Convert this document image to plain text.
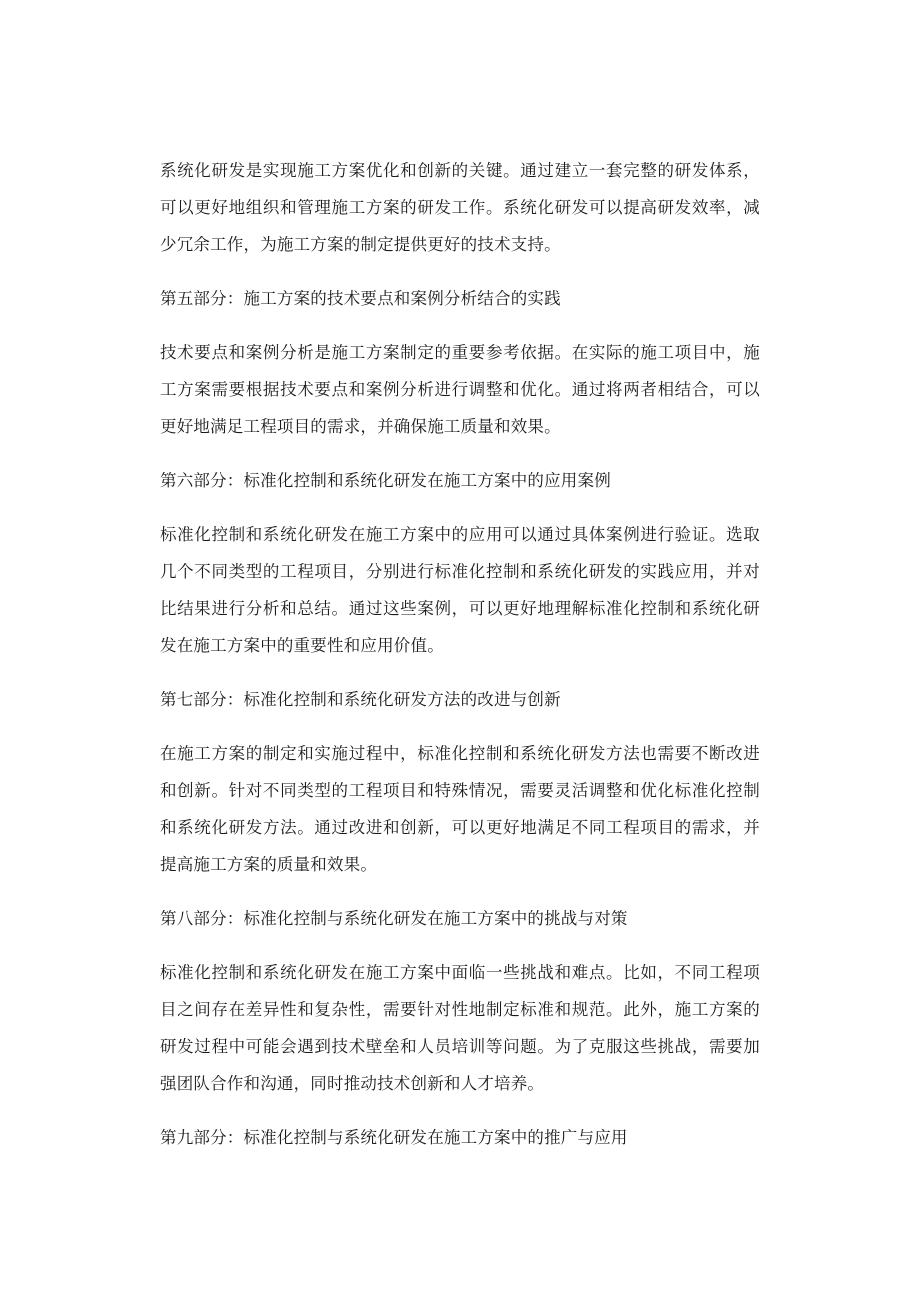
系统化研发是实现施工方案优化和创新的关键。通过建立一套完整的研发体系，可以更好地组织和管理施工方案的研发工作。系统化研发可以提高研发效率，减少冗余工作，为施工方案的制定提供更好的技术支持。

第五部分：施工方案的技术要点和案例分析结合的实践

技术要点和案例分析是施工方案制定的重要参考依据。在实际的施工项目中，施工方案需要根据技术要点和案例分析进行调整和优化。通过将两者相结合，可以更好地满足工程项目的需求，并确保施工质量和效果。

第六部分：标准化控制和系统化研发在施工方案中的应用案例

标准化控制和系统化研发在施工方案中的应用可以通过具体案例进行验证。选取几个不同类型的工程项目，分别进行标准化控制和系统化研发的实践应用，并对比结果进行分析和总结。通过这些案例，可以更好地理解标准化控制和系统化研发在施工方案中的重要性和应用价值。

第七部分：标准化控制和系统化研发方法的改进与创新

在施工方案的制定和实施过程中，标准化控制和系统化研发方法也需要不断改进和创新。针对不同类型的工程项目和特殊情况，需要灵活调整和优化标准化控制和系统化研发方法。通过改进和创新，可以更好地满足不同工程项目的需求，并提高施工方案的质量和效果。

第八部分：标准化控制与系统化研发在施工方案中的挑战与对策

标准化控制和系统化研发在施工方案中面临一些挑战和难点。比如，不同工程项目之间存在差异性和复杂性，需要针对性地制定标准和规范。此外，施工方案的研发过程中可能会遇到技术壁垒和人员培训等问题。为了克服这些挑战，需要加强团队合作和沟通，同时推动技术创新和人才培养。

第九部分：标准化控制与系统化研发在施工方案中的推广与应用
